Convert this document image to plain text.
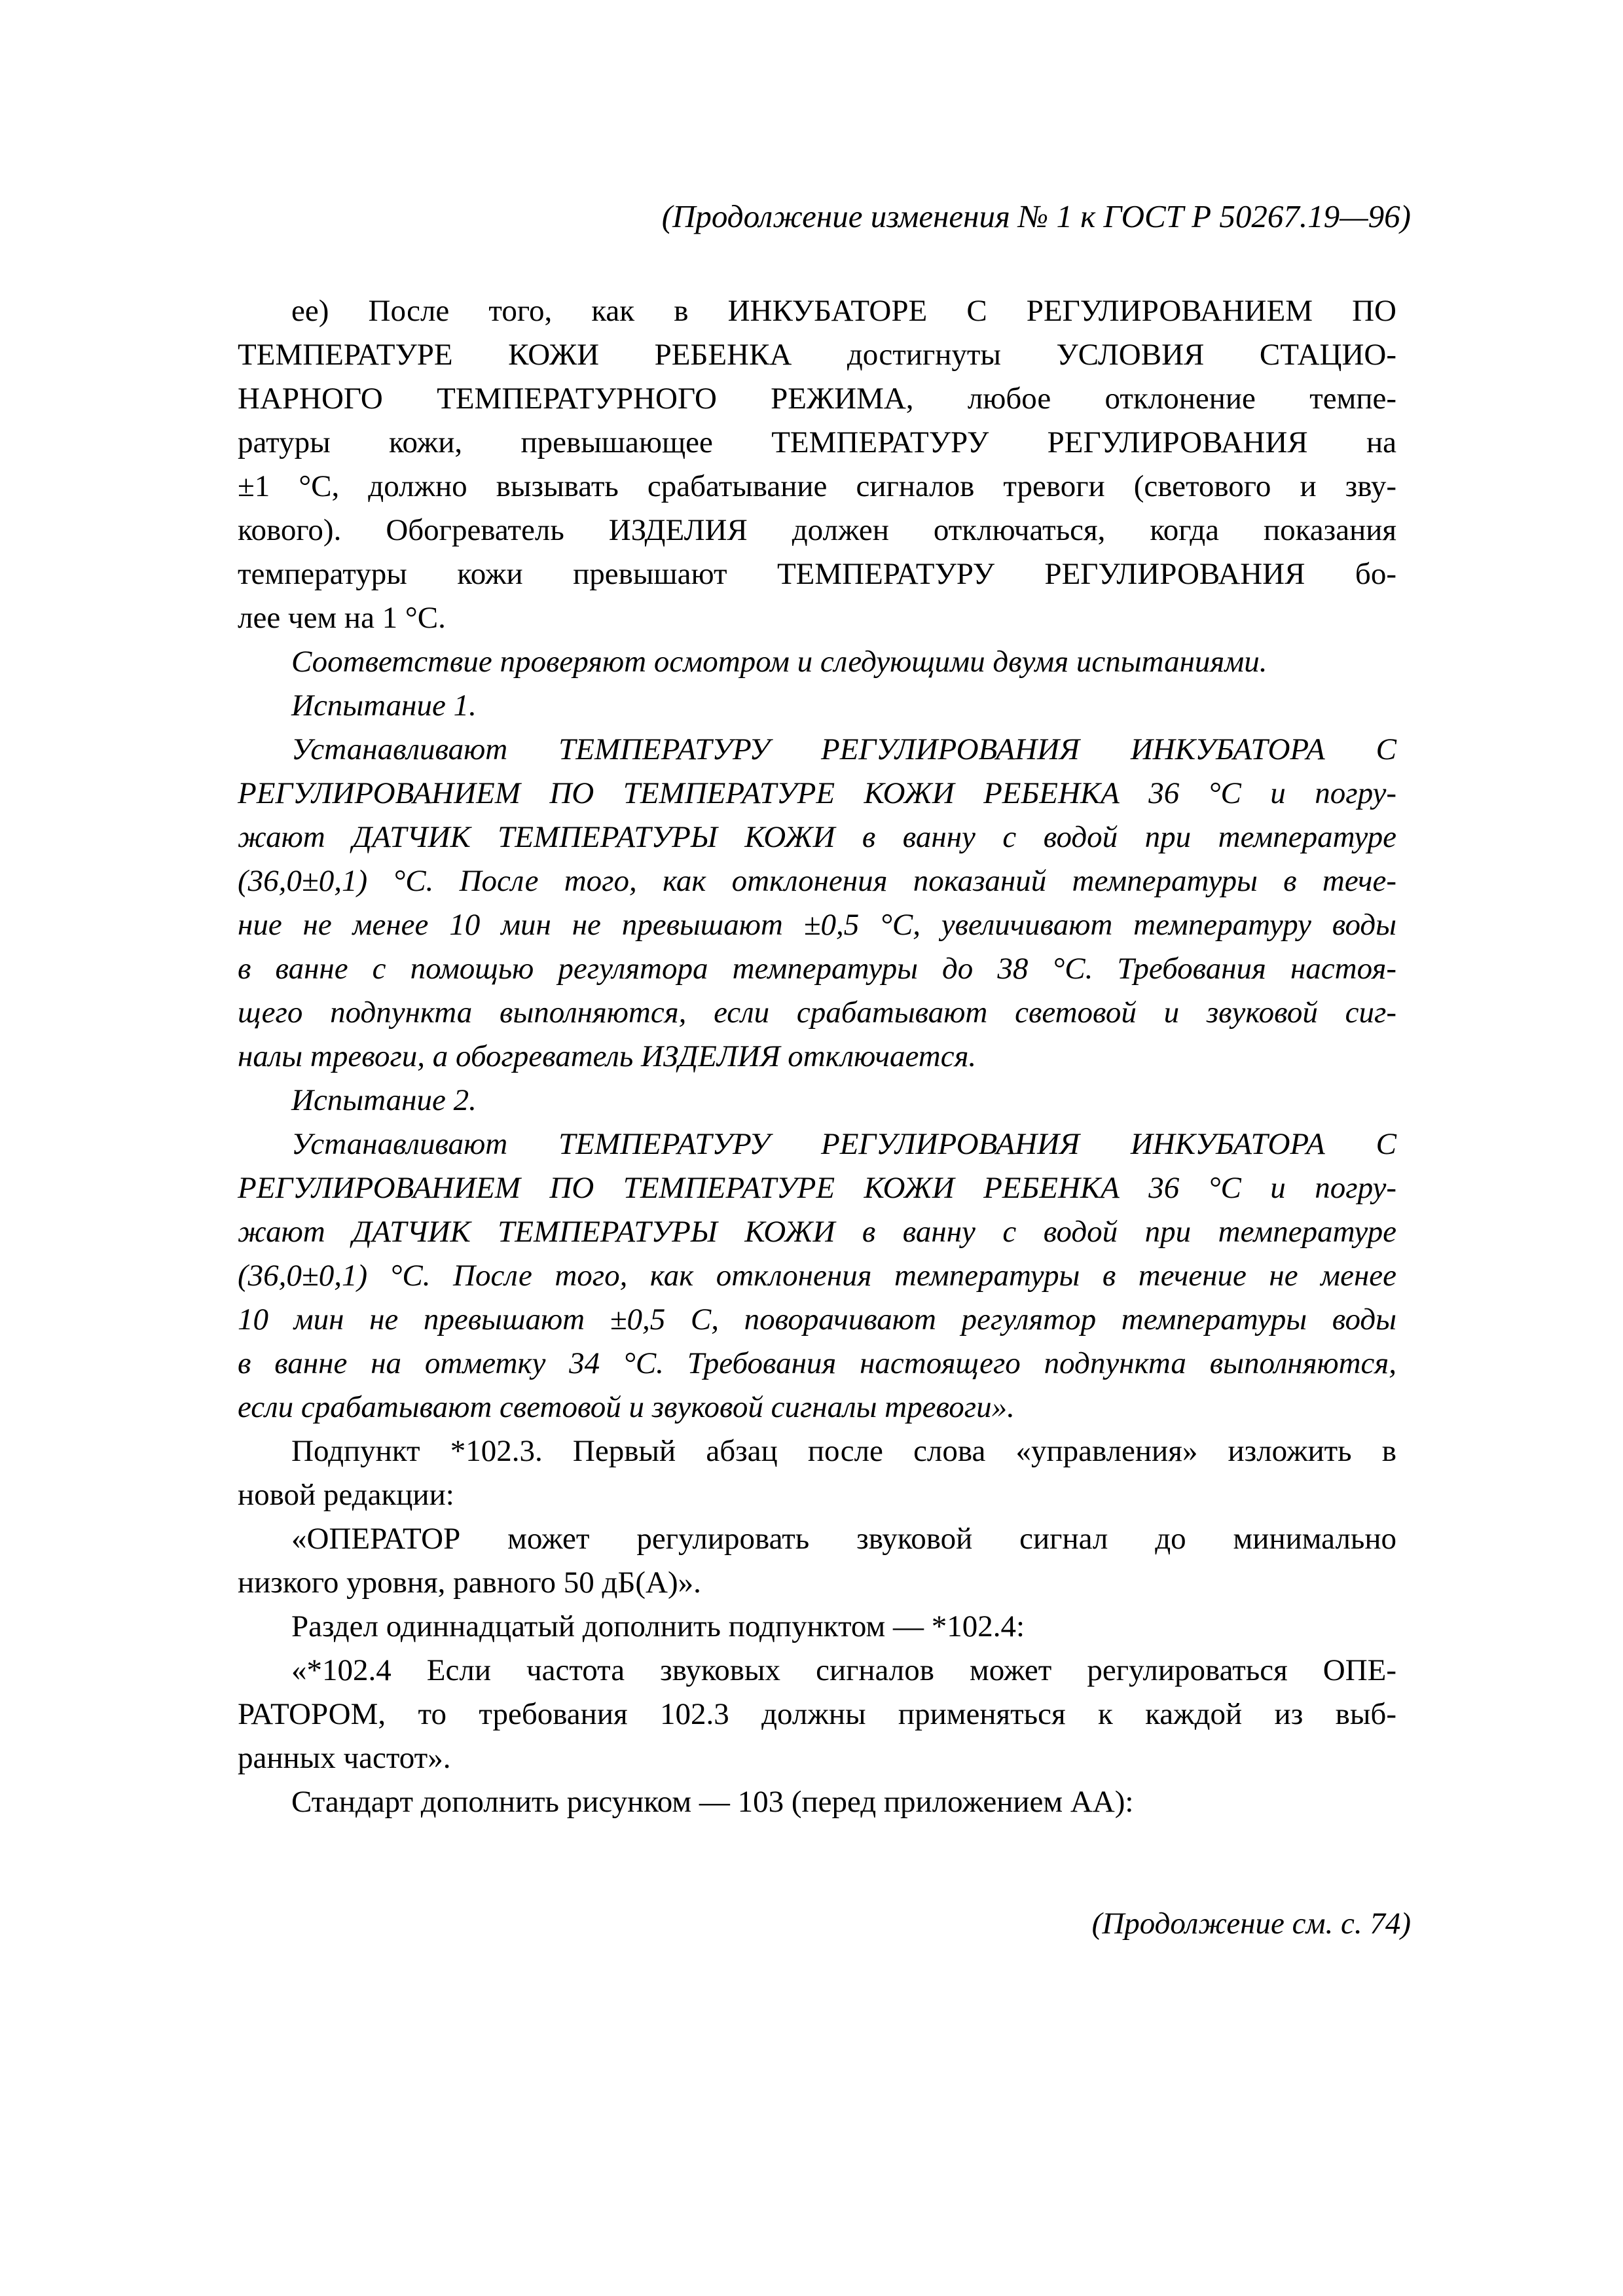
(Продолжение изменения № 1 к ГОСТ Р 50267.19—96)
ее) После того, как в ИНКУБАТОРЕ С РЕГУЛИРОВАНИЕМ ПО
ТЕМПЕРАТУРЕ КОЖИ РЕБЕНКА достигнуты УСЛОВИЯ СТАЦИО-
НАРНОГО ТЕМПЕРАТУРНОГО РЕЖИМА, любое отклонение темпе-
ратуры кожи, превышающее ТЕМПЕРАТУРУ РЕГУЛИРОВАНИЯ на
±1 °С, должно вызывать срабатывание сигналов тревоги (светового и зву-
кового). Обогреватель ИЗДЕЛИЯ должен отключаться, когда показания
температуры кожи превышают ТЕМПЕРАТУРУ РЕГУЛИРОВАНИЯ бо-
лее чем на 1 °С.
Соответствие проверяют осмотром и следующими двумя испытаниями.
Испытание 1.
Устанавливают ТЕМПЕРАТУРУ РЕГУЛИРОВАНИЯ ИНКУБАТОРА С
РЕГУЛИРОВАНИЕМ ПО ТЕМПЕРАТУРЕ КОЖИ РЕБЕНКА 36 °С и погру-
жают ДАТЧИК ТЕМПЕРАТУРЫ КОЖИ в ванну с водой при температуре
(36,0±0,1) °С. После того, как отклонения показаний температуры в тече-
ние не менее 10 мин не превышают ±0,5 °С, увеличивают температуру воды
в ванне с помощью регулятора температуры до 38 °С. Требования настоя-
щего подпункта выполняются, если срабатывают световой и звуковой сиг-
налы тревоги, а обогреватель ИЗДЕЛИЯ отключается.
Испытание 2.
Устанавливают ТЕМПЕРАТУРУ РЕГУЛИРОВАНИЯ ИНКУБАТОРА С
РЕГУЛИРОВАНИЕМ ПО ТЕМПЕРАТУРЕ КОЖИ РЕБЕНКА 36 °С и погру-
жают ДАТЧИК ТЕМПЕРАТУРЫ КОЖИ в ванну с водой при температуре
(36,0±0,1) °С. После того, как отклонения температуры в течение не менее
10 мин не превышают ±0,5 С, поворачивают регулятор температуры воды
в ванне на отметку 34 °С. Требования настоящего подпункта выполняются,
если срабатывают световой и звуковой сигналы тревоги».
Подпункт *102.3. Первый абзац после слова «управления» изложить в
новой редакции:
«ОПЕРАТОР может регулировать звуковой сигнал до минимально
низкого уровня, равного 50 дБ(А)».
Раздел одиннадцатый дополнить подпунктом — *102.4:
«*102.4 Если частота звуковых сигналов может регулироваться ОПЕ-
РАТОРОМ, то требования 102.3 должны применяться к каждой из выб-
ранных частот».
Стандарт дополнить рисунком — 103 (перед приложением АА):
(Продолжение см. с. 74)
